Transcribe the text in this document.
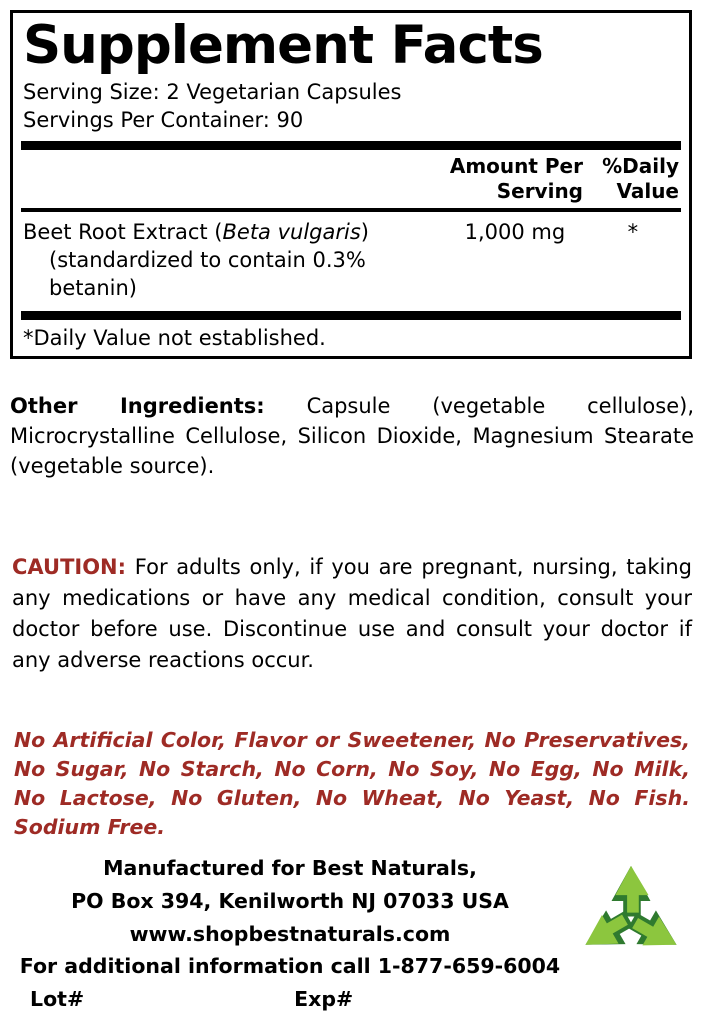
Supplement Facts
Serving Size: 2 Vegetarian Capsules
Servings Per Container: 90
Amount Per
Serving
%Daily
Value
Beet Root Extract (Beta vulgaris)
(standardized to contain 0.3% betanin)
1,000 mg	*
*Daily Value not established.
Other Ingredients: Capsule (vegetable cellulose), Microcrystalline Cellulose, Silicon Dioxide, Magnesium Stearate (vegetable source).
CAUTION: For adults only, if you are pregnant, nursing, taking any medications or have any medical condition, consult your doctor before use. Discontinue use and consult your doctor if any adverse reactions occur.
No Artificial Color, Flavor or Sweetener, No Preservatives, No Sugar, No Starch, No Corn, No Soy, No Egg, No Milk, No Lactose, No Gluten, No Wheat, No Yeast, No Fish. Sodium Free.
Manufactured for Best Naturals,
PO Box 394, Kenilworth NJ 07033 USA
www.shopbestnaturals.com
For additional information call 1-877-659-6004
Lot#	Exp#
